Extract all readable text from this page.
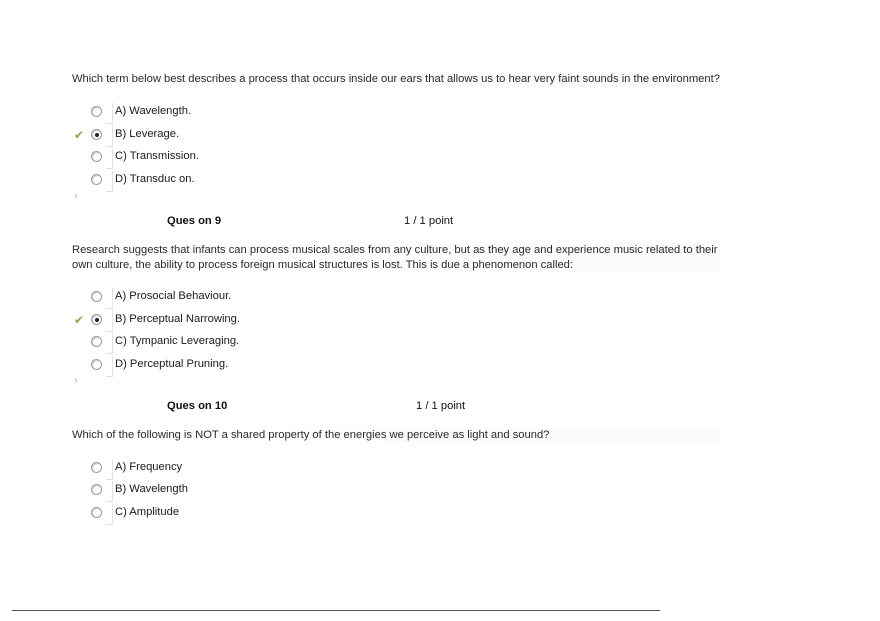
Which term below best describes a process that occurs inside our ears that allows us to hear very faint sounds in the environment?
A) Wavelength.
✔	B) Leverage.
C) Transmission.
D) Transduc on.
›
Ques on 9	1 / 1 point
Research suggests that infants can process musical scales from any culture, but as they age and experience music related to their own culture, the ability to process foreign musical structures is lost. This is due a phenomenon called:
A) Prosocial Behaviour.
✔	B) Perceptual Narrowing.
C) Tympanic Leveraging.
D) Perceptual Pruning.
›
Ques on 10	1 / 1 point
Which of the following is NOT a shared property of the energies we perceive as light and sound?
A) Frequency
B) Wavelength
C) Amplitude
